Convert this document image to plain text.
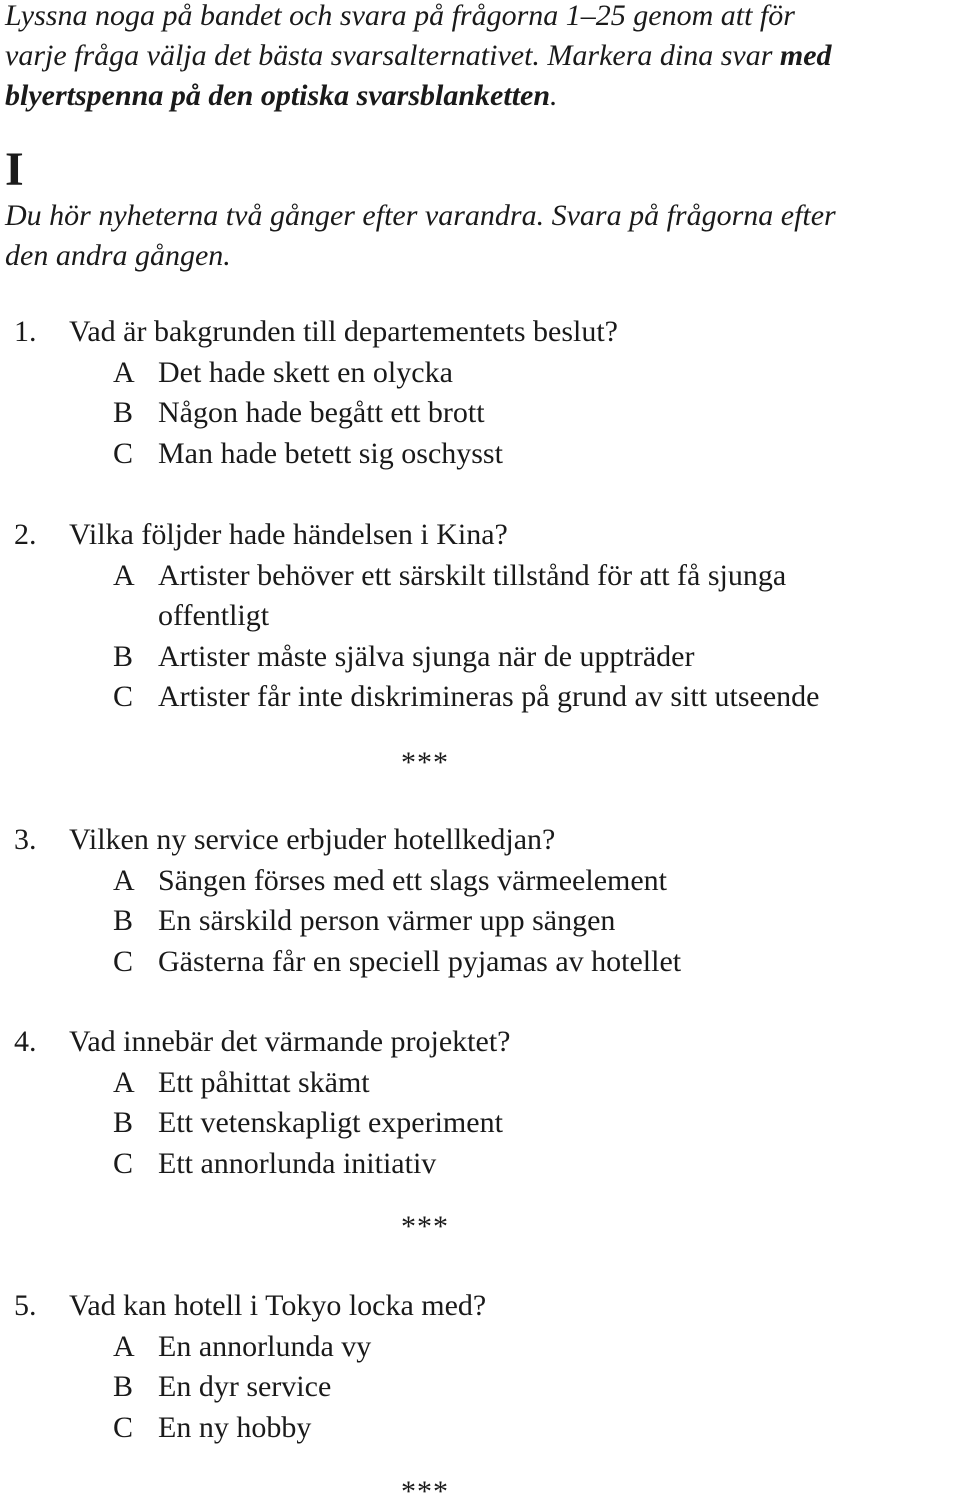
Lyssna noga på bandet och svara på frågorna 1–25 genom att för
varje fråga välja det bästa svarsalternativet. Markera dina svar med
blyertspenna på den optiska svarsblanketten.
I
Du hör nyheterna två gånger efter varandra. Svara på frågorna efter
den andra gången.
1. Vad är bakgrunden till departementets beslut?
A Det hade skett en olycka
B Någon hade begått ett brott
C Man hade betett sig oschysst
2. Vilka följder hade händelsen i Kina?
A Artister behöver ett särskilt tillstånd för att få sjunga
offentligt
B Artister måste själva sjunga när de uppträder
C Artister får inte diskrimineras på grund av sitt utseende
***
3. Vilken ny service erbjuder hotellkedjan?
A Sängen förses med ett slags värmeelement
B En särskild person värmer upp sängen
C Gästerna får en speciell pyjamas av hotellet
4. Vad innebär det värmande projektet?
A Ett påhittat skämt
B Ett vetenskapligt experiment
C Ett annorlunda initiativ
***
5. Vad kan hotell i Tokyo locka med?
A En annorlunda vy
B En dyr service
C En ny hobby
***
